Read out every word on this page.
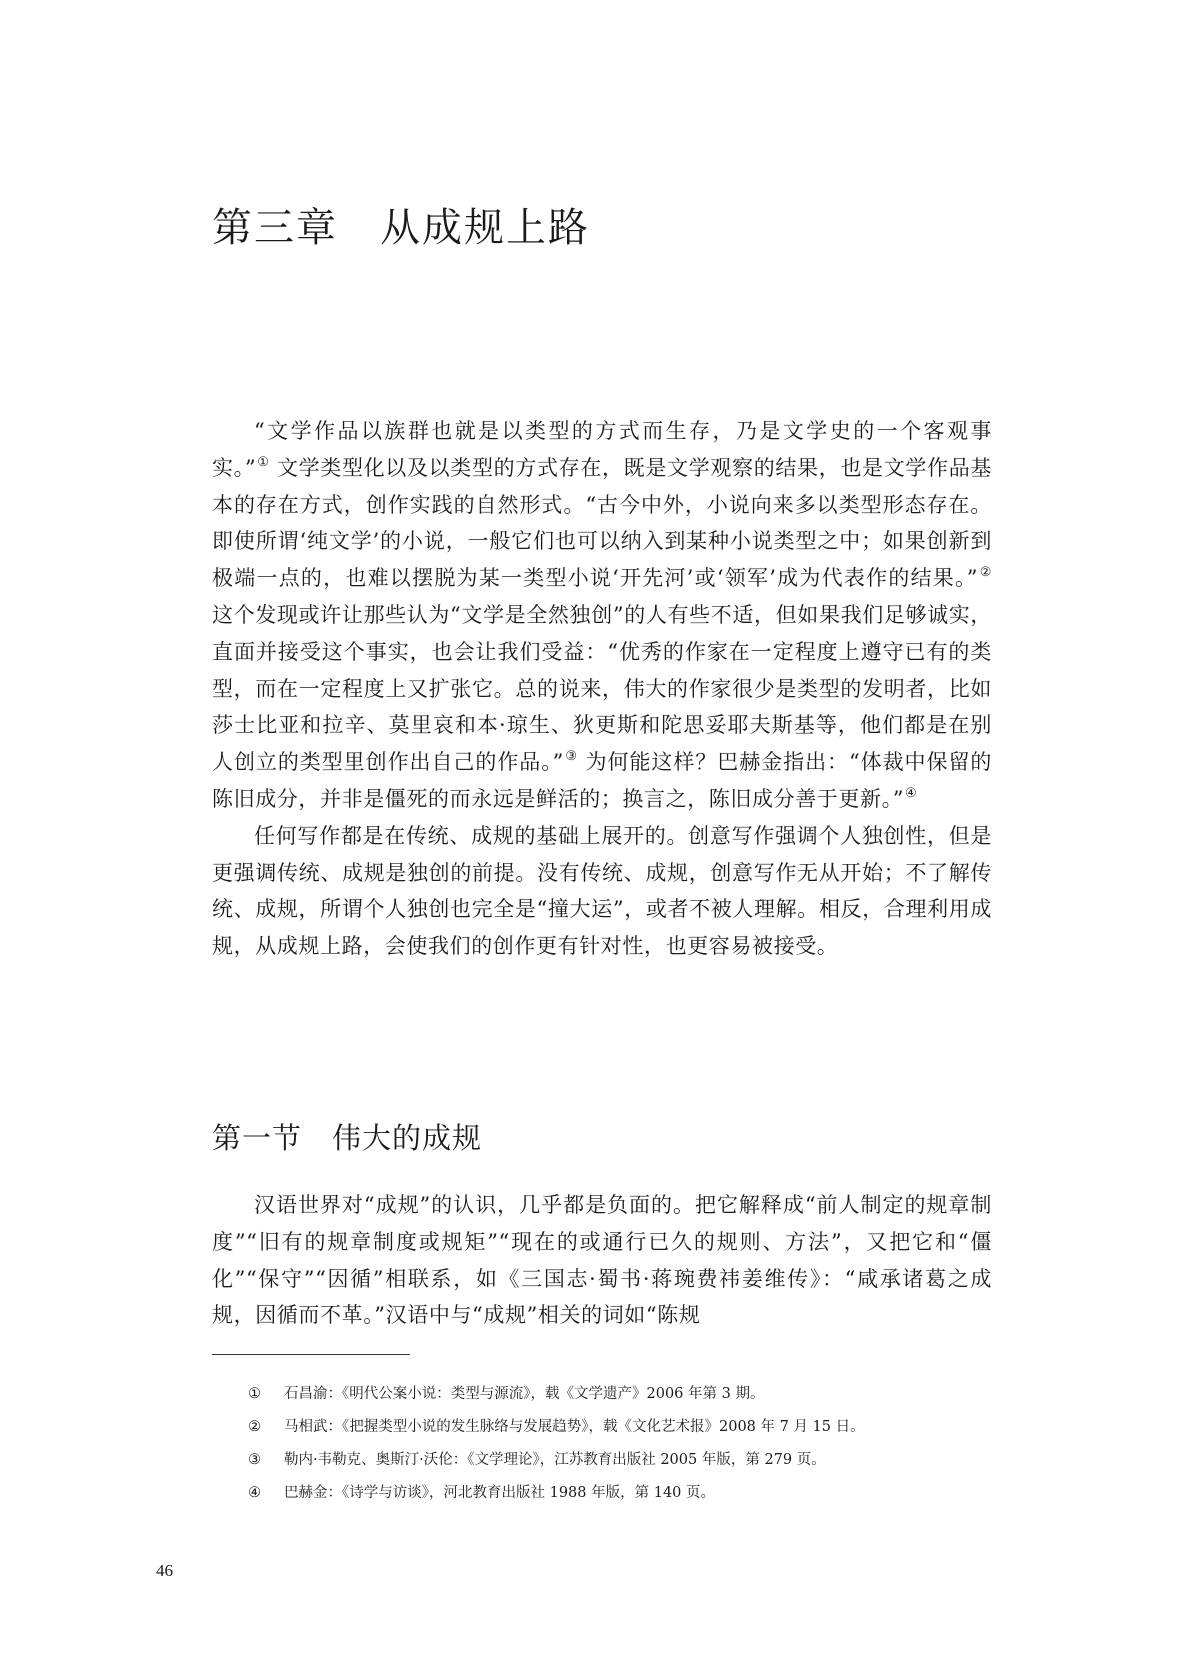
第三章　从成规上路

“文学作品以族群也就是以类型的方式而生存，乃是文学史的一个客观事实。”① 文学类型化以及以类型的方式存在，既是文学观察的结果，也是文学作品基本的存在方式，创作实践的自然形式。“古今中外，小说向来多以类型形态存在。即使所谓‘纯文学’的小说，一般它们也可以纳入到某种小说类型之中；如果创新到极端一点的，也难以摆脱为某一类型小说‘开先河’或‘领军’成为代表作的结果。”② 这个发现或许让那些认为“文学是全然独创”的人有些不适，但如果我们足够诚实，直面并接受这个事实，也会让我们受益：“优秀的作家在一定程度上遵守已有的类型，而在一定程度上又扩张它。总的说来，伟大的作家很少是类型的发明者，比如莎士比亚和拉辛、莫里哀和本·琼生、狄更斯和陀思妥耶夫斯基等，他们都是在别人创立的类型里创作出自己的作品。”③ 为何能这样？巴赫金指出：“体裁中保留的陈旧成分，并非是僵死的而永远是鲜活的；换言之，陈旧成分善于更新。”④

任何写作都是在传统、成规的基础上展开的。创意写作强调个人独创性，但是更强调传统、成规是独创的前提。没有传统、成规，创意写作无从开始；不了解传统、成规，所谓个人独创也完全是“撞大运”，或者不被人理解。相反，合理利用成规，从成规上路，会使我们的创作更有针对性，也更容易被接受。

第一节　伟大的成规

汉语世界对“成规”的认识，几乎都是负面的。把它解释成“前人制定的规章制度”“旧有的规章制度或规矩”“现在的或通行已久的规则、方法”，又把它和“僵化”“保守”“因循”相联系，如《三国志·蜀书·蒋琬费祎姜维传》：“咸承诸葛之成规，因循而不革。”汉语中与“成规”相关的词如“陈规

① 石昌渝：《明代公案小说：类型与源流》，载《文学遗产》2006 年第 3 期。
② 马相武：《把握类型小说的发生脉络与发展趋势》，载《文化艺术报》2008 年 7 月 15 日。
③ 勒内·韦勒克、奥斯汀·沃伦：《文学理论》，江苏教育出版社 2005 年版，第 279 页。
④ 巴赫金：《诗学与访谈》，河北教育出版社 1988 年版，第 140 页。
46
